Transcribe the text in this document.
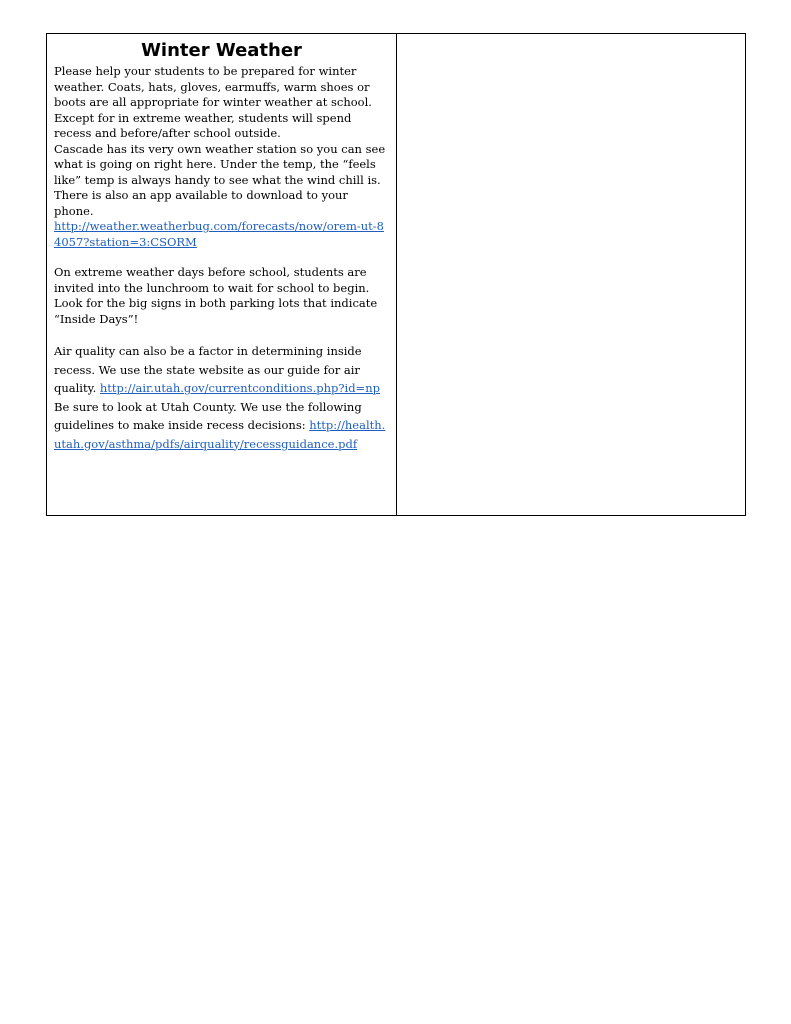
Winter Weather

Please help your students to be prepared for winter weather. Coats, hats, gloves, earmuffs, warm shoes or boots are all appropriate for winter weather at school. Except for in extreme weather, students will spend recess and before/after school outside.

Cascade has its very own weather station so you can see what is going on right here. Under the temp, the “feels like” temp is always handy to see what the wind chill is. There is also an app available to download to your phone.
http://weather.weatherbug.com/forecasts/now/orem-ut-84057?station=3:CSORM

On extreme weather days before school, students are invited into the lunchroom to wait for school to begin. Look for the big signs in both parking lots that indicate “Inside Days”!

Air quality can also be a factor in determining inside recess. We use the state website as our guide for air quality. http://air.utah.gov/currentconditions.php?id=np Be sure to look at Utah County. We use the following guidelines to make inside recess decisions: http://health.utah.gov/asthma/pdfs/airquality/recessguidance.pdf
